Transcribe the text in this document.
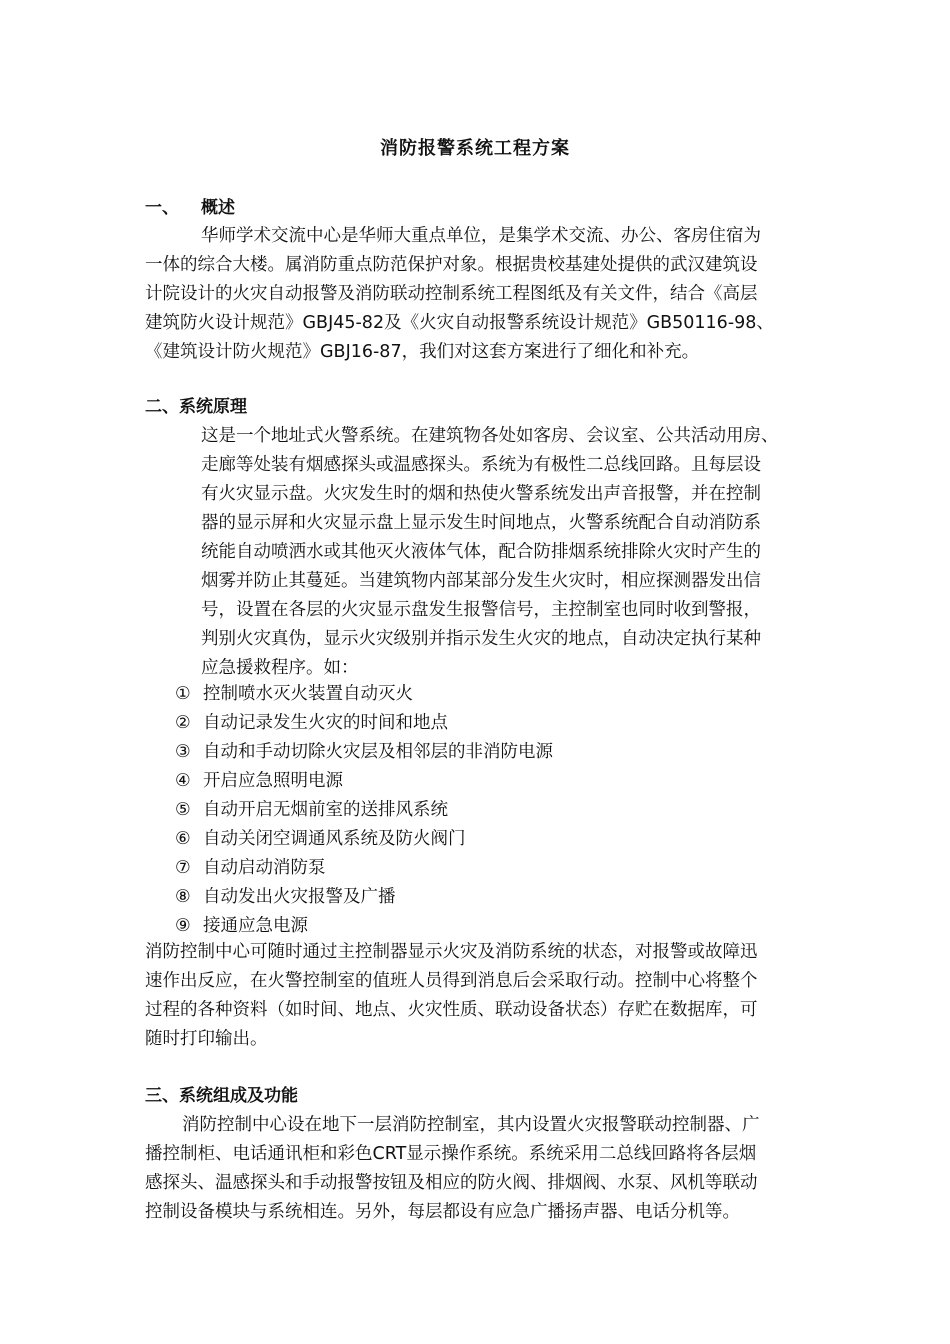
消防报警系统工程方案
一、 概述
华师学术交流中心是华师大重点单位，是集学术交流、办公、客房住宿为
一体的综合大楼。属消防重点防范保护对象。根据贵校基建处提供的武汉建筑设
计院设计的火灾自动报警及消防联动控制系统工程图纸及有关文件，结合《高层
建筑防火设计规范》GBJ45-82及《火灾自动报警系统设计规范》GB50116-98、
《建筑设计防火规范》GBJ16-87，我们对这套方案进行了细化和补充。
二、系统原理
这是一个地址式火警系统。在建筑物各处如客房、会议室、公共活动用房、
走廊等处装有烟感探头或温感探头。系统为有极性二总线回路。且每层设
有火灾显示盘。火灾发生时的烟和热使火警系统发出声音报警，并在控制
器的显示屏和火灾显示盘上显示发生时间地点，火警系统配合自动消防系
统能自动喷洒水或其他灭火液体气体，配合防排烟系统排除火灾时产生的
烟雾并防止其蔓延。当建筑物内部某部分发生火灾时，相应探测器发出信
号，设置在各层的火灾显示盘发生报警信号，主控制室也同时收到警报，
判别火灾真伪，显示火灾级别并指示发生火灾的地点，自动决定执行某种
应急援救程序。如：
① 控制喷水灭火装置自动灭火
② 自动记录发生火灾的时间和地点
③ 自动和手动切除火灾层及相邻层的非消防电源
④ 开启应急照明电源
⑤ 自动开启无烟前室的送排风系统
⑥ 自动关闭空调通风系统及防火阀门
⑦ 自动启动消防泵
⑧ 自动发出火灾报警及广播
⑨ 接通应急电源
消防控制中心可随时通过主控制器显示火灾及消防系统的状态，对报警或故障迅
速作出反应，在火警控制室的值班人员得到消息后会采取行动。控制中心将整个
过程的各种资料（如时间、地点、火灾性质、联动设备状态）存贮在数据库，可
随时打印输出。
三、系统组成及功能
消防控制中心设在地下一层消防控制室，其内设置火灾报警联动控制器、广
播控制柜、电话通讯柜和彩色CRT显示操作系统。系统采用二总线回路将各层烟
感探头、温感探头和手动报警按钮及相应的防火阀、排烟阀、水泵、风机等联动
控制设备模块与系统相连。另外，每层都设有应急广播扬声器、电话分机等。
